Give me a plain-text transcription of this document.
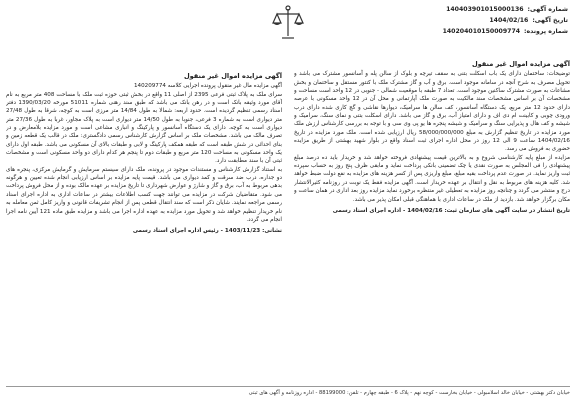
شماره آگهی: 140403901015000136
تاریخ آگهی: 1404/02/16
شماره پرونده: 140204010150009774
آگهی مزایده اموال غیر منقول

توضیحات: ساختمان دارای یک باب اسکلت بتنی به سقف تیرچه و بلوک از سالن پله و آسانسور مشترک می باشد و تحویل مصرف به شرح آنچه در سامانه موجود است. برق و آب و گاز مشترک ملک با کنتور مستقل و ساختمان و بخش مشاعات به صورت مشترک ساکنین موجود است. تعداد 7 طبقه با موقعیت شمالی - جنوبی در 12 واحد است مساحت و مشخصات آن بر اساس مشخصات سند مالکیت به صورت ملک آپارتمانی و محل آن در 12 واحد مسکونی با عرصه دارای حدود 12 متر مربع، یک دستگاه آسانسور، کف سالن ها سرامیک، دیوارها نقاشی و گچ کاری شده دارای درب ورودی چوبی و کابینت ام دی اف و دارای امتیاز آب، برق و گاز می باشد. دارای اسکلت بتنی و نمای سنگ، سرامیک و شیشه و کف هال و پذیرایی سنگ و سرامیک و شیشه پنجره ها یو پی وی سی و با توجه به بررسی کارشناس ارزش ملک مورد مزایده در تاریخ تنظیم گزارش به مبلغ 58/000/000/000 ریال ارزیابی شده است. ملک مورد مزایده در تاریخ 1404/02/16 ساعت 9 الی 12 روز در محل اداره اجرای ثبت اسناد واقع در بلوار شهید بهشتی از طریق مزایده حضوری به فروش می رسد.

مزایده از مبلغ پایه کارشناسی شروع و به بالاترین قیمت پیشنهادی فروخته خواهد شد و خریدار باید ده درصد مبلغ پیشنهادی را فی المجلس به صورت نقدی یا چک تضمینی بانکی پرداخت نماید و مابقی ظرف پنج روز به حساب سپرده ثبت واریز نماید. در صورت عدم پرداخت بقیه مبلغ، مبلغ واریزی پس از کسر هزینه های مزایده به نفع دولت ضبط خواهد شد. کلیه هزینه های مربوط به نقل و انتقال بر عهده خریدار است. آگهی مزایده فقط یک نوبت در روزنامه کثیرالانتشار درج و منتشر می گردد و چنانچه روز مزایده به تعطیلی غیر منتظره برخورد نماید مزایده روز بعد اداری در همان ساعت و مکان برگزار خواهد شد. بازدید از ملک در ساعات اداری با هماهنگی قبلی امکان پذیر می باشد.

تاریخ انتشار در سایت آگهی های سازمان ثبت: 1404/02/16 - اداره اجرای اسناد رسمی
آگهی مزایده اموال غیر منقول

آگهی مزایده مال غیر منقول پرونده اجرایی کلاسه 140209774

سرای ملک به پلاک ثبتی فرعی 2395 از اصلی 11 واقع در بخش ثبتی حوزه ثبت ملک با مساحت 408 متر مربع به نام آقای مورد وثیقه بانک است و در رهن بانک می باشد که طبق سند رهنی شماره 51011 مورخه 1390/03/20 دفتر اسناد رسمی تنظیم گردیده است. حدود اربعه: شمالا به طول 14/84 متر مرزی است به کوچه، شرقا به طول 27/48 متر دیواری است به شماره 3 فرعی، جنوبا به طول 14/50 متر دیواری است به پلاک مجاور، غربا به طول 27/36 متر دیواری است به کوچه. دارای یک دستگاه آسانسور و پارکینگ و انباری مشاعی است و مورد مزایده بلامعارض و در تصرف مالک می باشد. مشخصات ملک بر اساس گزارش کارشناس رسمی دادگستری: ملک در قالب یک قطعه زمین و بنای احداثی در شش طبقه است که طبقه همکف پارکینگ و لابی و طبقات بالای آن مسکونی می باشد. طبقه اول دارای یک واحد مسکونی به مساحت 120 متر مربع و طبقات دوم تا پنجم هر کدام دارای دو واحد مسکونی است و مشخصات ثبتی آن با سند مطابقت دارد.

به استناد گزارش کارشناس و مستندات موجود در پرونده، ملک دارای سیستم سرمایش و گرمایش مرکزی، پنجره های دو جداره، درب ضد سرقت و کمد دیواری می باشد. قیمت پایه مزایده بر اساس ارزیابی انجام شده تعیین و هرگونه بدهی مربوط به آب، برق و گاز و شارژ و عوارض شهرداری تا تاریخ مزایده بر عهده مالک بوده و از محل فروش پرداخت می شود. متقاضیان شرکت در مزایده می توانند جهت کسب اطلاعات بیشتر در ساعات اداری به اداره اجرای اسناد رسمی مراجعه نمایند. شایان ذکر است که سند انتقال قطعی پس از انجام تشریفات قانونی و واریز کامل ثمن معامله به نام خریدار تنظیم خواهد شد و تحویل مورد مزایده به عهده اداره اجرا می باشد و مزایده طبق ماده 121 آیین نامه اجرا انجام می گردد.

نشانی: 1403/11/23 - رئیس اداره اجرای اسناد رسمی
خیابان دکتر بهشتی - خیابان خالد اسلامبولی - خیابان بخارست - کوچه نهم - پلاک 6 - طبقه چهارم - تلفن: 88199000 - اداره روزنامه و آگهی های ثبتی
